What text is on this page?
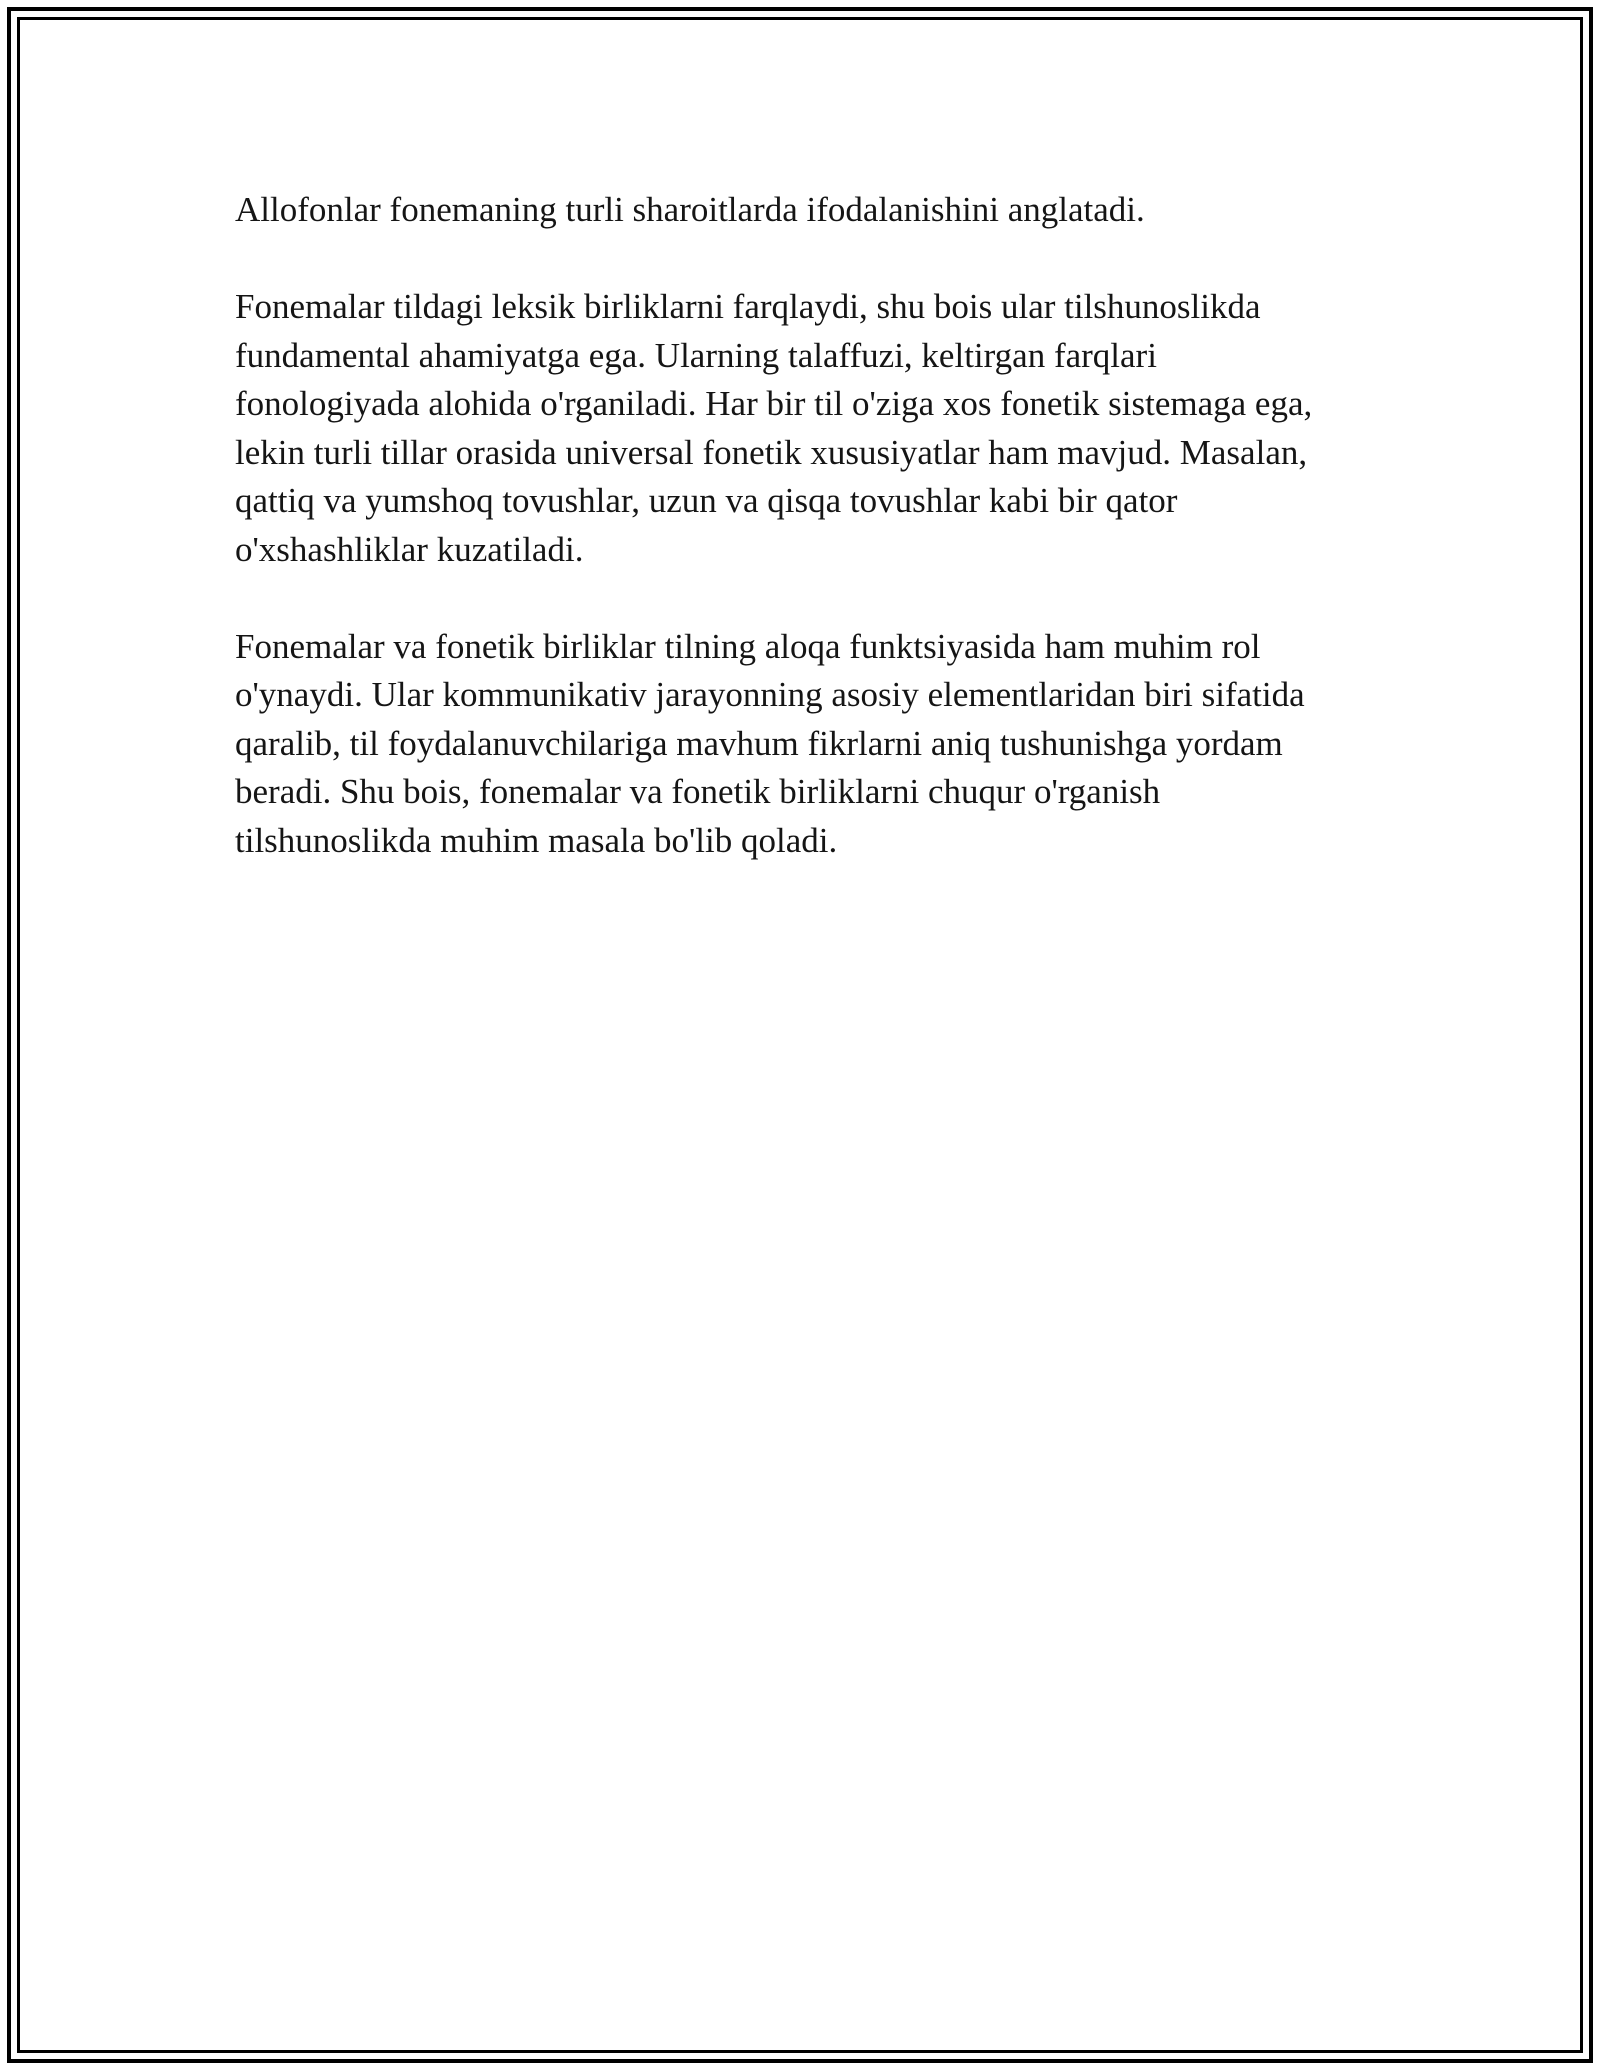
Allofonlar fonemaning turli sharoitlarda ifodalanishini anglatadi.

Fonemalar tildagi leksik birliklarni farqlaydi, shu bois ular tilshunoslikda
fundamental ahamiyatga ega. Ularning talaffuzi, keltirgan farqlari
fonologiyada alohida o'rganiladi. Har bir til o'ziga xos fonetik sistemaga ega,
lekin turli tillar orasida universal fonetik xususiyatlar ham mavjud. Masalan,
qattiq va yumshoq tovushlar, uzun va qisqa tovushlar kabi bir qator
o'xshashliklar kuzatiladi.

Fonemalar va fonetik birliklar tilning aloqa funktsiyasida ham muhim rol
o'ynaydi. Ular kommunikativ jarayonning asosiy elementlaridan biri sifatida
qaralib, til foydalanuvchilariga mavhum fikrlarni aniq tushunishga yordam
beradi. Shu bois, fonemalar va fonetik birliklarni chuqur o'rganish
tilshunoslikda muhim masala bo'lib qoladi.
